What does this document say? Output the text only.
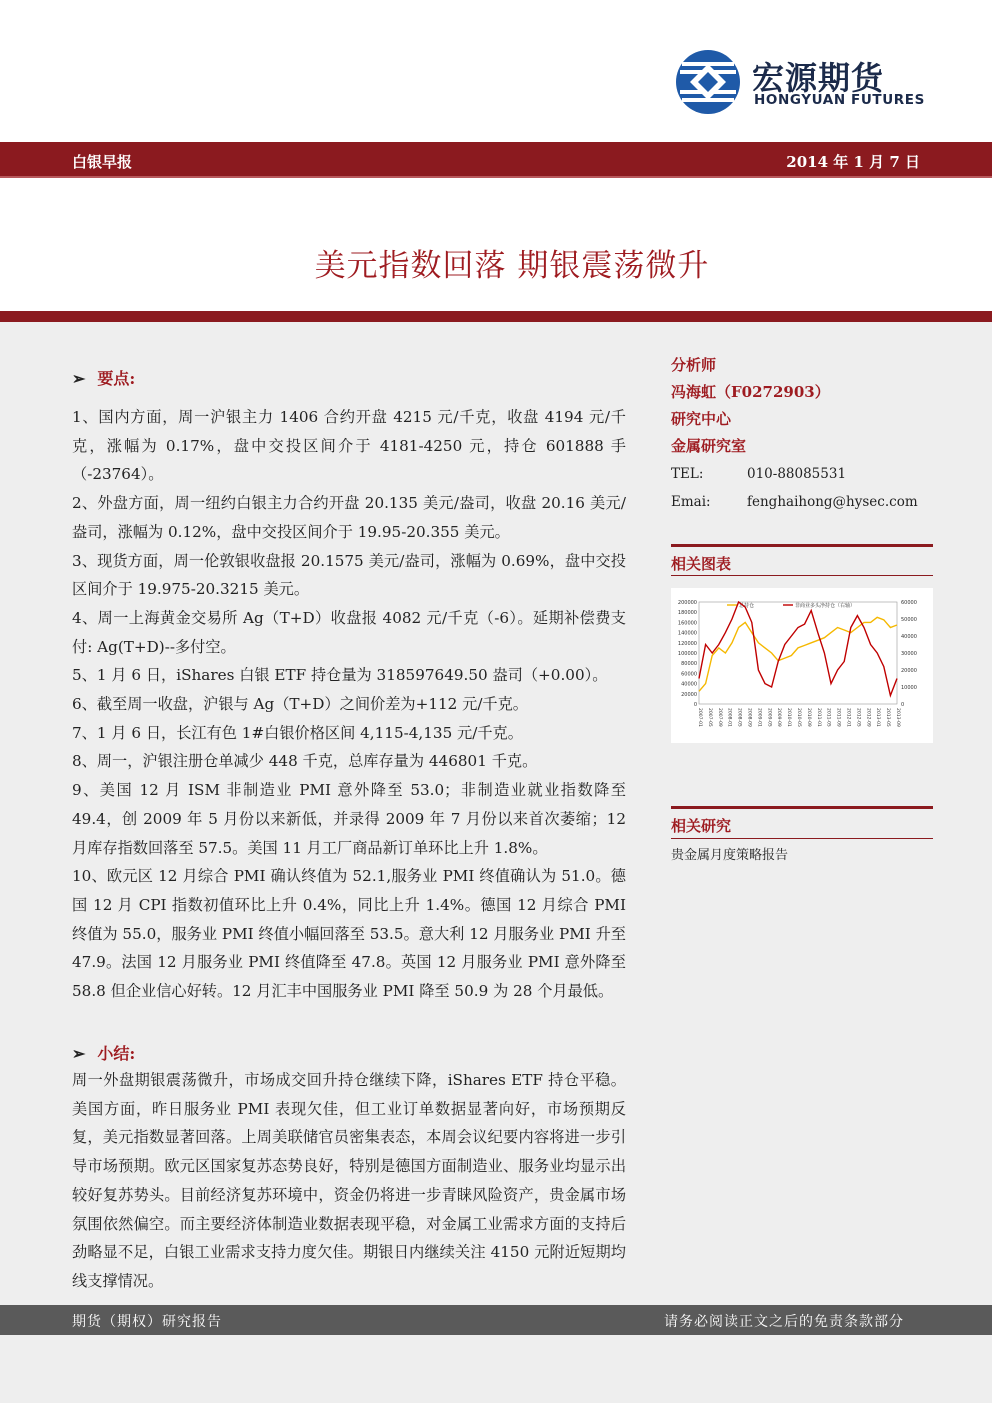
宏源期货
HONGYUAN FUTURES
白银早报	2014 年 1 月 7 日
美元指数回落 期银震荡微升
➢ 要点:

1、国内方面，周一沪银主力 1406 合约开盘 4215 元/千克，收盘 4194 元/千克，涨幅为 0.17%，盘中交投区间介于 4181-4250 元，持仓 601888 手（-23764）。

2、外盘方面，周一纽约白银主力合约开盘 20.135 美元/盎司，收盘 20.16 美元/盎司，涨幅为 0.12%，盘中交投区间介于 19.95-20.355 美元。

3、现货方面，周一伦敦银收盘报 20.1575 美元/盎司，涨幅为 0.69%，盘中交投区间介于 19.975-20.3215 美元。

4、周一上海黄金交易所 Ag（T+D）收盘报 4082 元/千克（-6）。延期补偿费支付: Ag(T+D)--多付空。

5、1 月 6 日，iShares 白银 ETF 持仓量为 318597649.50 盎司（+0.00）。

6、截至周一收盘，沪银与 Ag（T+D）之间价差为+112 元/千克。

7、1 月 6 日，长江有色 1#白银价格区间 4,115-4,135 元/千克。

8、周一，沪银注册仓单减少 448 千克，总库存量为 446801 千克。

9、美国 12 月 ISM 非制造业 PMI 意外降至 53.0；非制造业就业指数降至 49.4，创 2009 年 5 月份以来新低，并录得 2009 年 7 月份以来首次萎缩；12 月库存指数回落至 57.5。美国 11 月工厂商品新订单环比上升 1.8%。

10、欧元区 12 月综合 PMI 确认终值为 52.1,服务业 PMI 终值确认为 51.0。德国 12 月 CPI 指数初值环比上升 0.4%，同比上升 1.4%。德国 12 月综合 PMI 终值为 55.0，服务业 PMI 终值小幅回落至 53.5。意大利 12 月服务业 PMI 升至 47.9。法国 12 月服务业 PMI 终值降至 47.8。英国 12 月服务业 PMI 意外降至 58.8 但企业信心好转。12 月汇丰中国服务业 PMI 降至 50.9 为 28 个月最低。

➢ 小结:

周一外盘期银震荡微升，市场成交回升持仓继续下降，iShares ETF 持仓平稳。美国方面，昨日服务业 PMI 表现欠佳，但工业订单数据显著向好，市场预期反复，美元指数显著回落。上周美联储官员密集表态，本周会议纪要内容将进一步引导市场预期。欧元区国家复苏态势良好，特别是德国方面制造业、服务业均显示出较好复苏势头。目前经济复苏环境中，资金仍将进一步青睐风险资产，贵金属市场氛围依然偏空。而主要经济体制造业数据表现平稳，对金属工业需求方面的支持后劲略显不足，白银工业需求支持力度欠佳。期银日内继续关注 4150 元附近短期均线支撑情况。

分析师
冯海虹（F0272903）
研究中心
金属研究室
TEL:	010-88085531
Emai:	fenghaihong@hysec.com
相关图表
200000
180000
160000
140000
120000
100000
80000
60000
40000
20000
0
60000
50000
40000
30000
20000
10000
0
2007-01 2007-05 2007-09 2008-01 2008-05 2008-09 2009-01 2009-05 2009-09 2010-01 2010-05 2010-09 2011-01 2011-05 2011-09 2012-01 2012-05 2012-09 2013-01 2013-05 2013-09
总持仓	非商业多头净持仓（右轴）
相关研究
贵金属月度策略报告
期货（期权）研究报告	请务必阅读正文之后的免责条款部分
